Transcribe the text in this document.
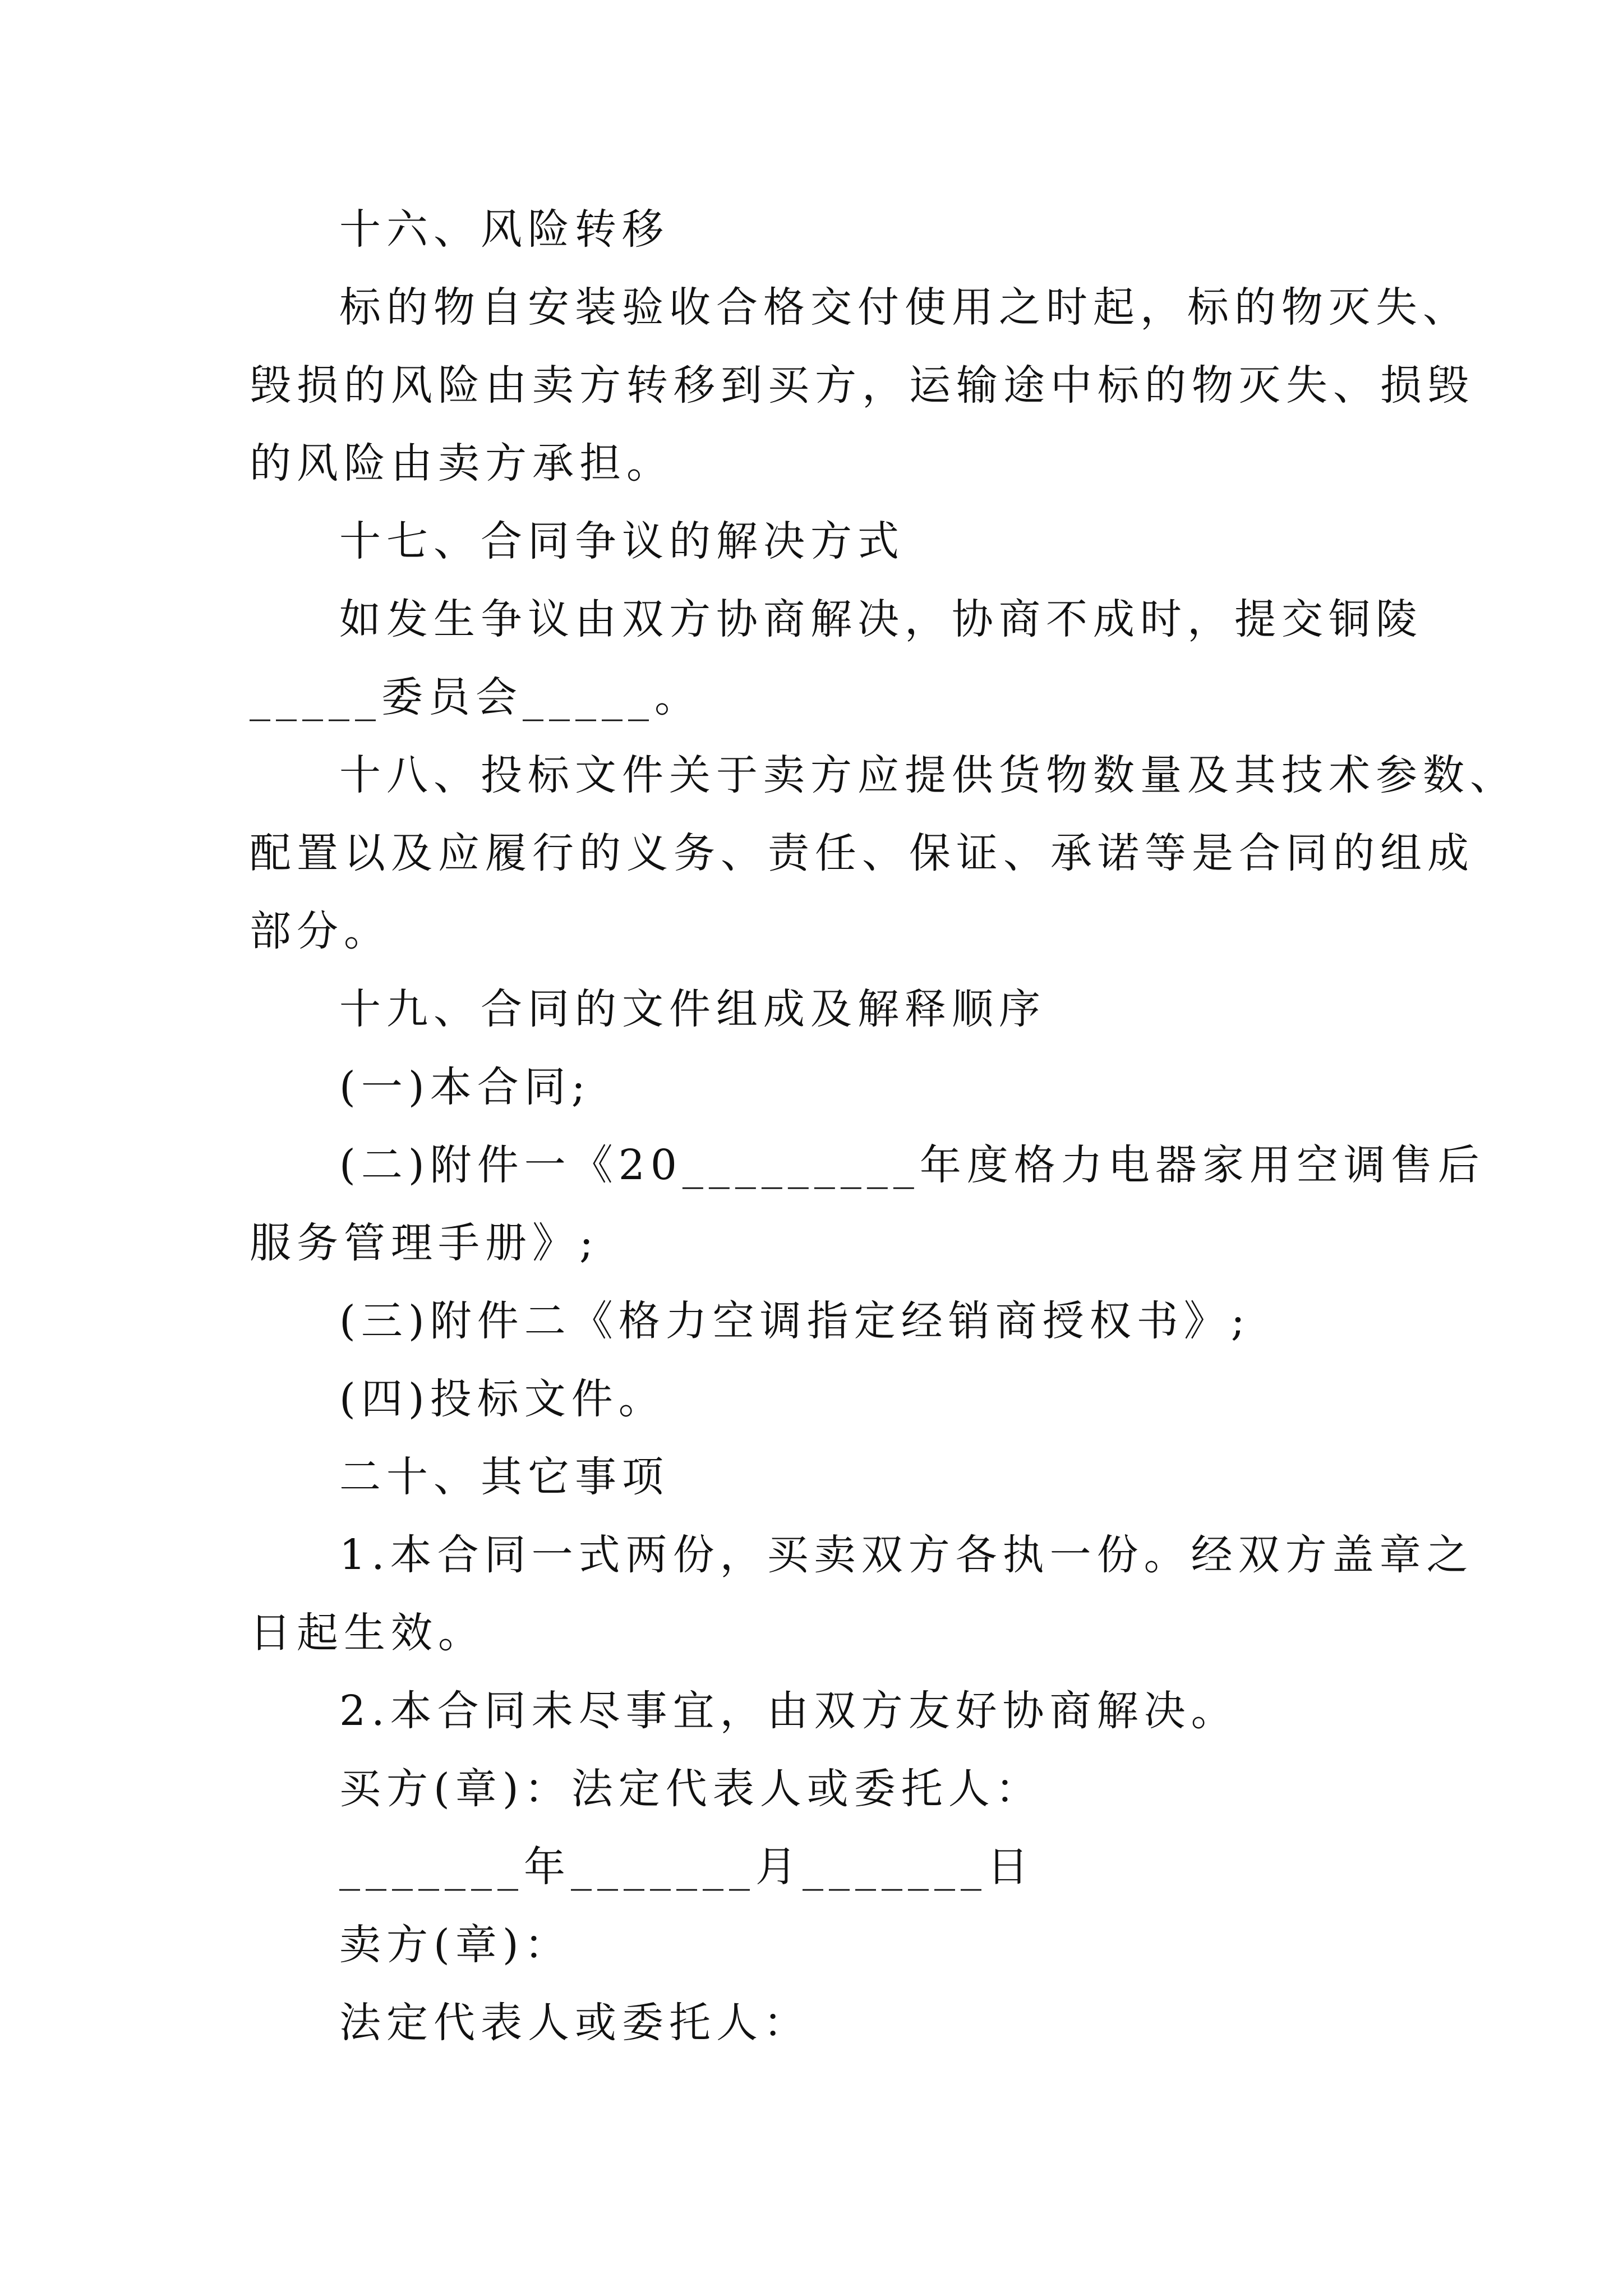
十六、风险转移
标的物自安装验收合格交付使用之时起，标的物灭失、
毁损的风险由卖方转移到买方，运输途中标的物灭失、损毁
的风险由卖方承担。
十七、合同争议的解决方式
如发生争议由双方协商解决，协商不成时，提交铜陵
_____委员会_____。
十八、投标文件关于卖方应提供货物数量及其技术参数、
配置以及应履行的义务、责任、保证、承诺等是合同的组成
部分。
十九、合同的文件组成及解释顺序
(一)本合同;
(二)附件一《20_________年度格力电器家用空调售后
服务管理手册》;
(三)附件二《格力空调指定经销商授权书》;
(四)投标文件。
二十、其它事项
1.本合同一式两份，买卖双方各执一份。经双方盖章之
日起生效。
2.本合同未尽事宜，由双方友好协商解决。
买方(章)：法定代表人或委托人：
_______年_______月_______日
卖方(章)：
法定代表人或委托人：
